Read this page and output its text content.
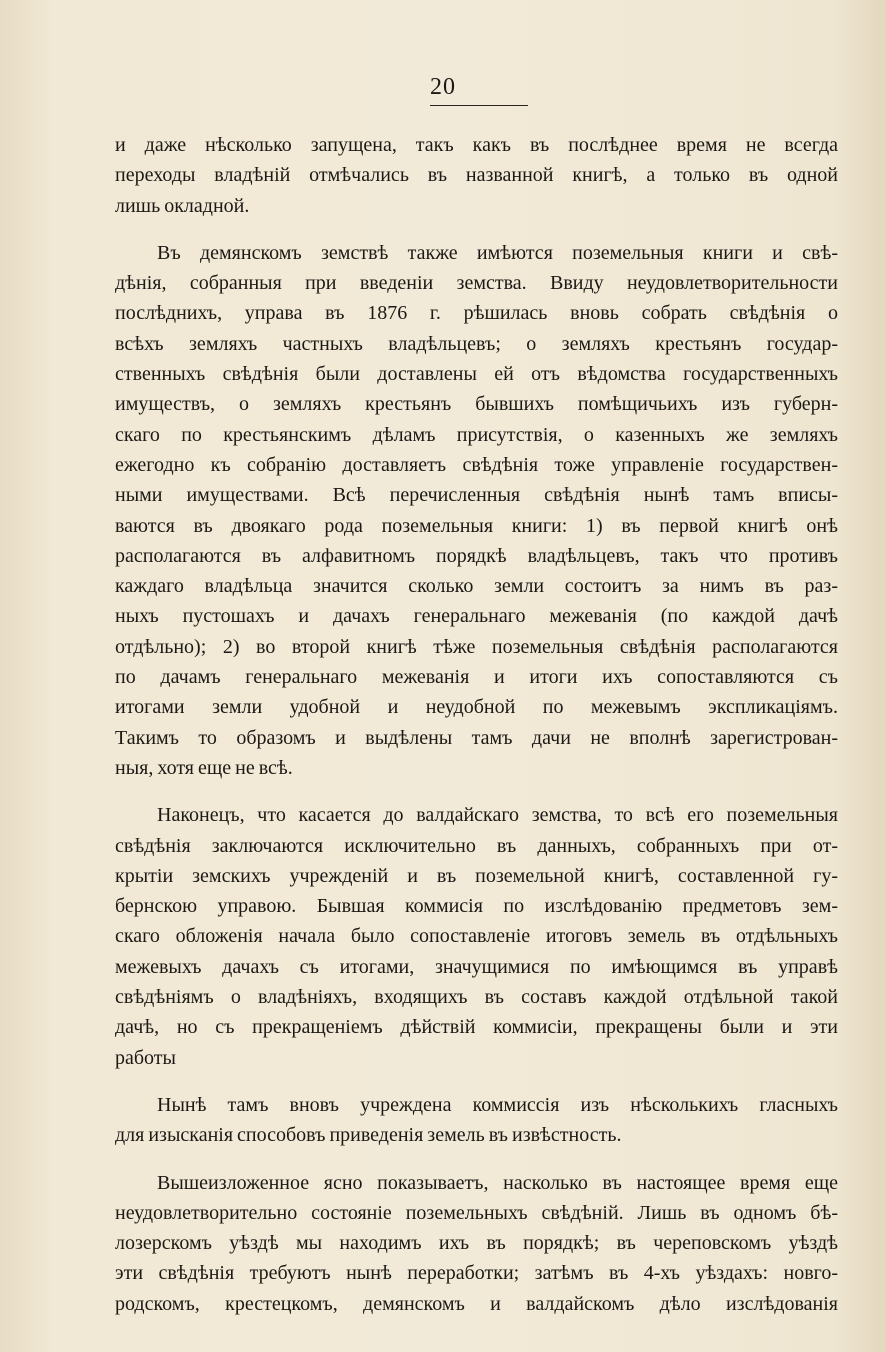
20
и даже нѣсколько запущена, такъ какъ въ послѣднее время не всегда
переходы владѣній отмѣчались въ названной книгѣ, а только въ одной
лишь окладной.
Въ демянскомъ земствѣ также имѣются поземельныя книги и свѣ-
дѣнія, собранныя при введеніи земства. Ввиду неудовлетворительности
послѣднихъ, управа въ 1876 г. рѣшилась вновь собрать свѣдѣнія о
всѣхъ земляхъ частныхъ владѣльцевъ; о земляхъ крестьянъ государ-
ственныхъ свѣдѣнія были доставлены ей отъ вѣдомства государственныхъ
имуществъ, о земляхъ крестьянъ бывшихъ помѣщичьихъ изъ губерн-
скаго по крестьянскимъ дѣламъ присутствія, о казенныхъ же земляхъ
ежегодно къ собранію доставляетъ свѣдѣнія тоже управленіе государствен-
ными имуществами. Всѣ перечисленныя свѣдѣнія нынѣ тамъ вписы-
ваются въ двоякаго рода поземельныя книги: 1) въ первой книгѣ онѣ
располагаются въ алфавитномъ порядкѣ владѣльцевъ, такъ что противъ
каждаго владѣльца значится сколько земли состоитъ за нимъ въ раз-
ныхъ пустошахъ и дачахъ генеральнаго межеванія (по каждой дачѣ
отдѣльно); 2) во второй книгѣ тѣже поземельныя свѣдѣнія располагаются
по дачамъ генеральнаго межеванія и итоги ихъ сопоставляются съ
итогами земли удобной и неудобной по межевымъ экспликаціямъ.
Такимъ то образомъ и выдѣлены тамъ дачи не вполнѣ зарегистрован-
ныя, хотя еще не всѣ.
Наконецъ, что касается до валдайскаго земства, то всѣ его поземельныя
свѣдѣнія заключаются исключительно въ данныхъ, собранныхъ при от-
крытіи земскихъ учрежденій и въ поземельной книгѣ, составленной гу-
бернскою управою. Бывшая коммисія по изслѣдованію предметовъ зем-
скаго обложенія начала было сопоставленіе итоговъ земель въ отдѣльныхъ
межевыхъ дачахъ съ итогами, значущимися по имѣющимся въ управѣ
свѣдѣніямъ о владѣніяхъ, входящихъ въ составъ каждой отдѣльной такой
дачѣ, но съ прекращеніемъ дѣйствій коммисіи, прекращены были и эти
работы
Нынѣ тамъ вновъ учреждена коммиссія изъ нѣсколькихъ гласныхъ
для изысканія способовъ приведенія земель въ извѣстность.
Вышеизложенное ясно показываетъ, насколько въ настоящее время еще
неудовлетворительно состояніе поземельныхъ свѣдѣній. Лишь въ одномъ бѣ-
лозерскомъ уѣздѣ мы находимъ ихъ въ порядкѣ; въ череповскомъ уѣздѣ
эти свѣдѣнія требуютъ нынѣ переработки; затѣмъ въ 4-хъ уѣздахъ: новго-
родскомъ, крестецкомъ, демянскомъ и валдайскомъ дѣло изслѣдованія
